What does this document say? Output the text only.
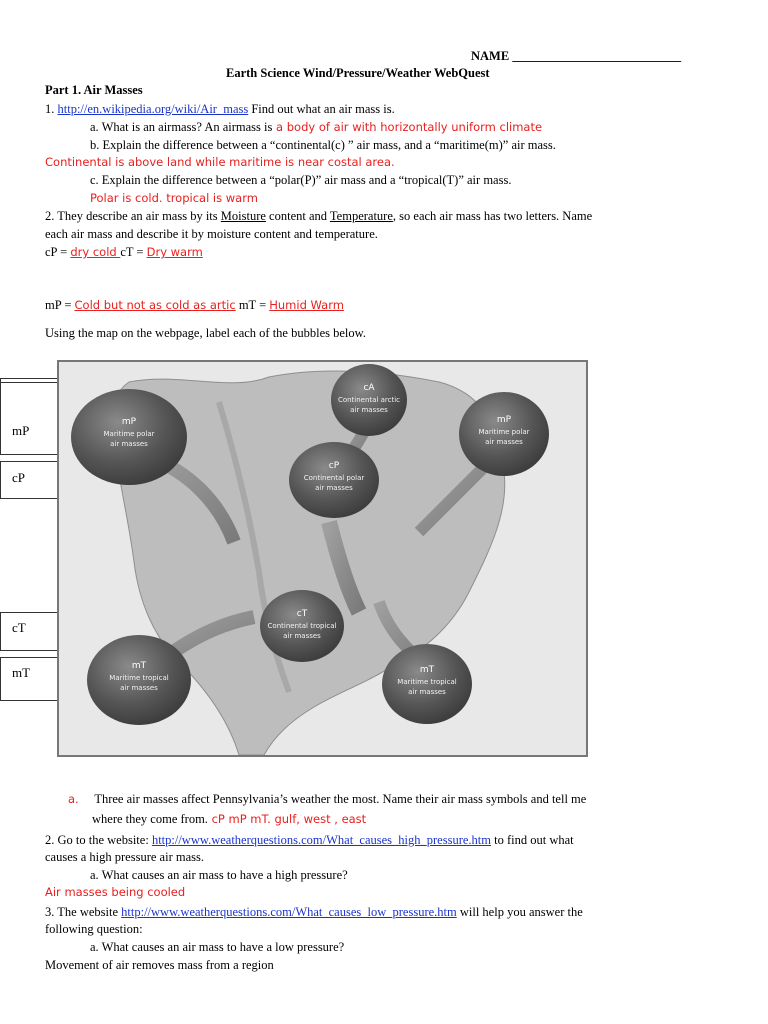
NAME ___________________________
Earth Science Wind/Pressure/Weather WebQuest
Part 1. Air Masses
1. http://en.wikipedia.org/wiki/Air_mass Find out what an air mass is.
a. What is an airmass? An airmass is a body of air with horizontally uniform climate
b. Explain the difference between a “continental(c) ” air mass, and a “maritime(m)” air mass.
Continental is above land while maritime is near costal area.
c. Explain the difference between a “polar(P)” air mass and a “tropical(T)” air mass.
Polar is cold. tropical is warm
2. They describe an air mass by its Moisture content and Temperature, so each air mass has two letters. Name
each air mass and describe it by moisture content and temperature.
cP = dry cold cT = Dry warm
mP = Cold but not as cold as artic mT = Humid Warm
Using the map on the webpage, label each of the bubbles below.
mP
cP
cT
mT
mP
Maritime polar
air masses
cA
Continental arctic
air masses
mP
Maritime polar
air masses
cP
Continental polar
air masses
cT
Continental tropical
air masses
mT
Maritime tropical
air masses
mT
Maritime tropical
air masses
a. Three air masses affect Pennsylvania’s weather the most. Name their air mass symbols and tell me
where they come from. cP mP mT. gulf, west , east
2. Go to the website: http://www.weatherquestions.com/What_causes_high_pressure.htm to find out what
causes a high pressure air mass.
a. What causes an air mass to have a high pressure?
Air masses being cooled
3. The website http://www.weatherquestions.com/What_causes_low_pressure.htm will help you answer the
following question:
a. What causes an air mass to have a low pressure?
Movement of air removes mass from a region
